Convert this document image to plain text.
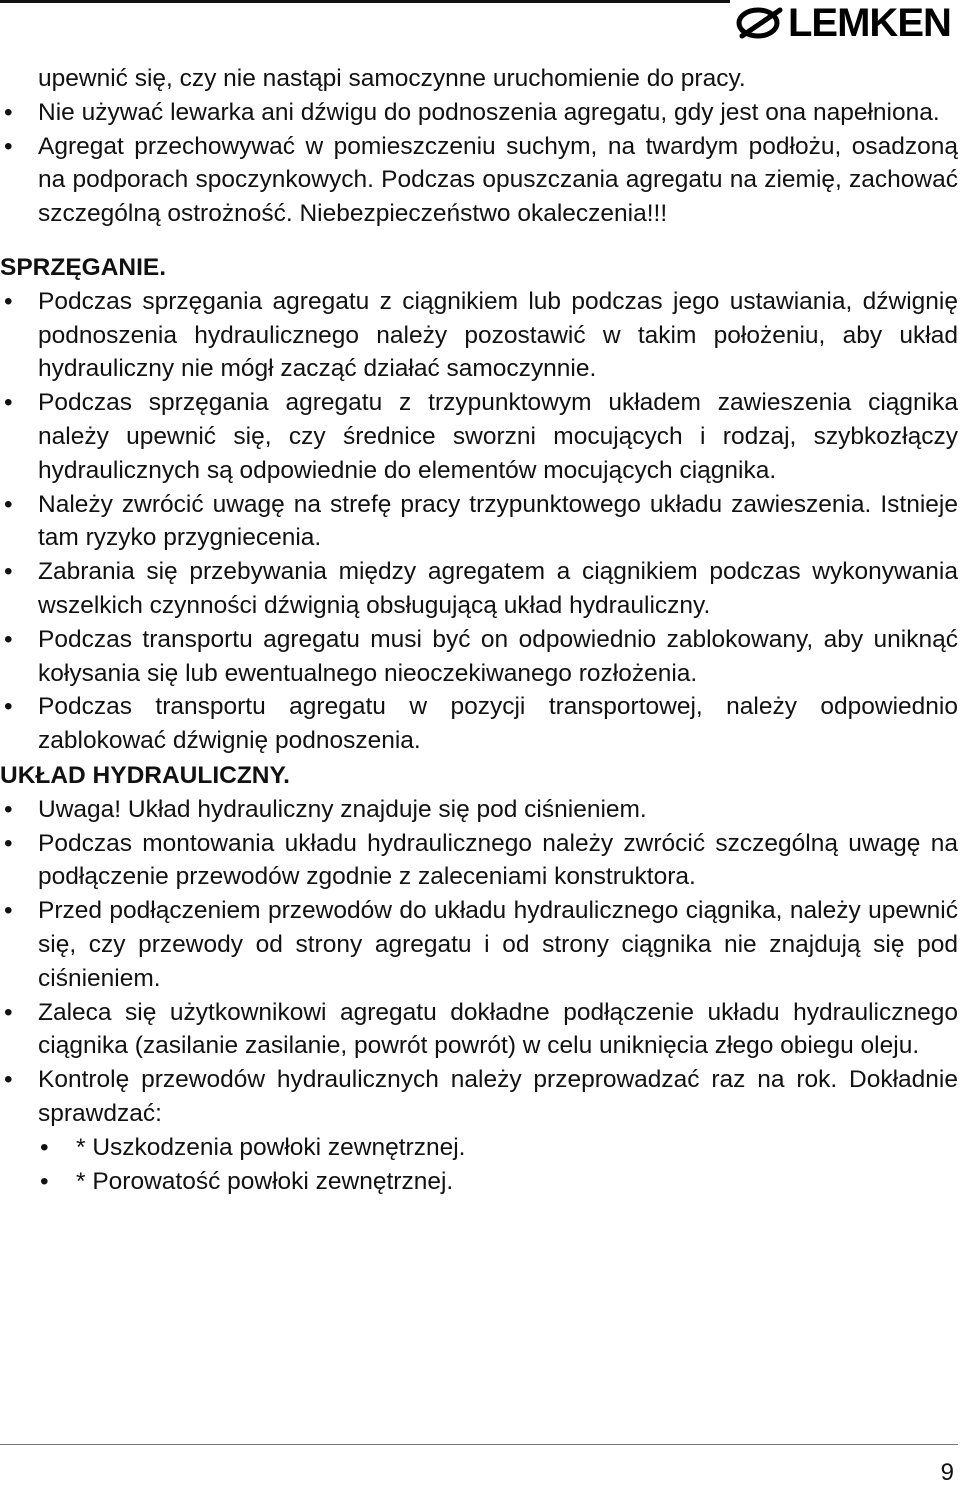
LEMKEN
upewnić się, czy nie nastąpi samoczynne uruchomienie do pracy.
• Nie używać lewarka ani dźwigu do podnoszenia agregatu, gdy jest ona napełniona.
• Agregat przechowywać w pomieszczeniu suchym, na twardym podłożu, osadzoną na podporach spoczynkowych. Podczas opuszczania agregatu na ziemię, zachować szczególną ostrożność. Niebezpieczeństwo okaleczenia!!!
SPRZĘGANIE.
• Podczas sprzęgania agregatu z ciągnikiem lub podczas jego ustawiania, dźwignię podnoszenia hydraulicznego należy pozostawić w takim położeniu, aby układ hydrauliczny nie mógł zacząć działać samoczynnie.
• Podczas sprzęgania agregatu z trzypunktowym układem zawieszenia ciągnika należy upewnić się, czy średnice sworzni mocujących i rodzaj, szybkozłączy hydraulicznych są odpowiednie do elementów mocujących ciągnika.
• Należy zwrócić uwagę na strefę pracy trzypunktowego układu zawieszenia. Istnieje tam ryzyko przygniecenia.
• Zabrania się przebywania między agregatem a ciągnikiem podczas wykonywania wszelkich czynności dźwignią obsługującą układ hydrauliczny.
• Podczas transportu agregatu musi być on odpowiednio zablokowany, aby uniknąć kołysania się lub ewentualnego nieoczekiwanego rozłożenia.
• Podczas transportu agregatu w pozycji transportowej, należy odpowiednio zablokować dźwignię podnoszenia.
UKŁAD HYDRAULICZNY.
• Uwaga! Układ hydrauliczny znajduje się pod ciśnieniem.
• Podczas montowania układu hydraulicznego należy zwrócić szczególną uwagę na podłączenie przewodów zgodnie z zaleceniami konstruktora.
• Przed podłączeniem przewodów do układu hydraulicznego ciągnika, należy upewnić się, czy przewody od strony agregatu i od strony ciągnika nie znajdują się pod ciśnieniem.
• Zaleca się użytkownikowi agregatu dokładne podłączenie układu hydraulicznego ciągnika (zasilanie zasilanie, powrót powrót) w celu uniknięcia złego obiegu oleju.
• Kontrolę przewodów hydraulicznych należy przeprowadzać raz na rok. Dokładnie sprawdzać:
• * Uszkodzenia powłoki zewnętrznej.
• * Porowatość powłoki zewnętrznej.
9
